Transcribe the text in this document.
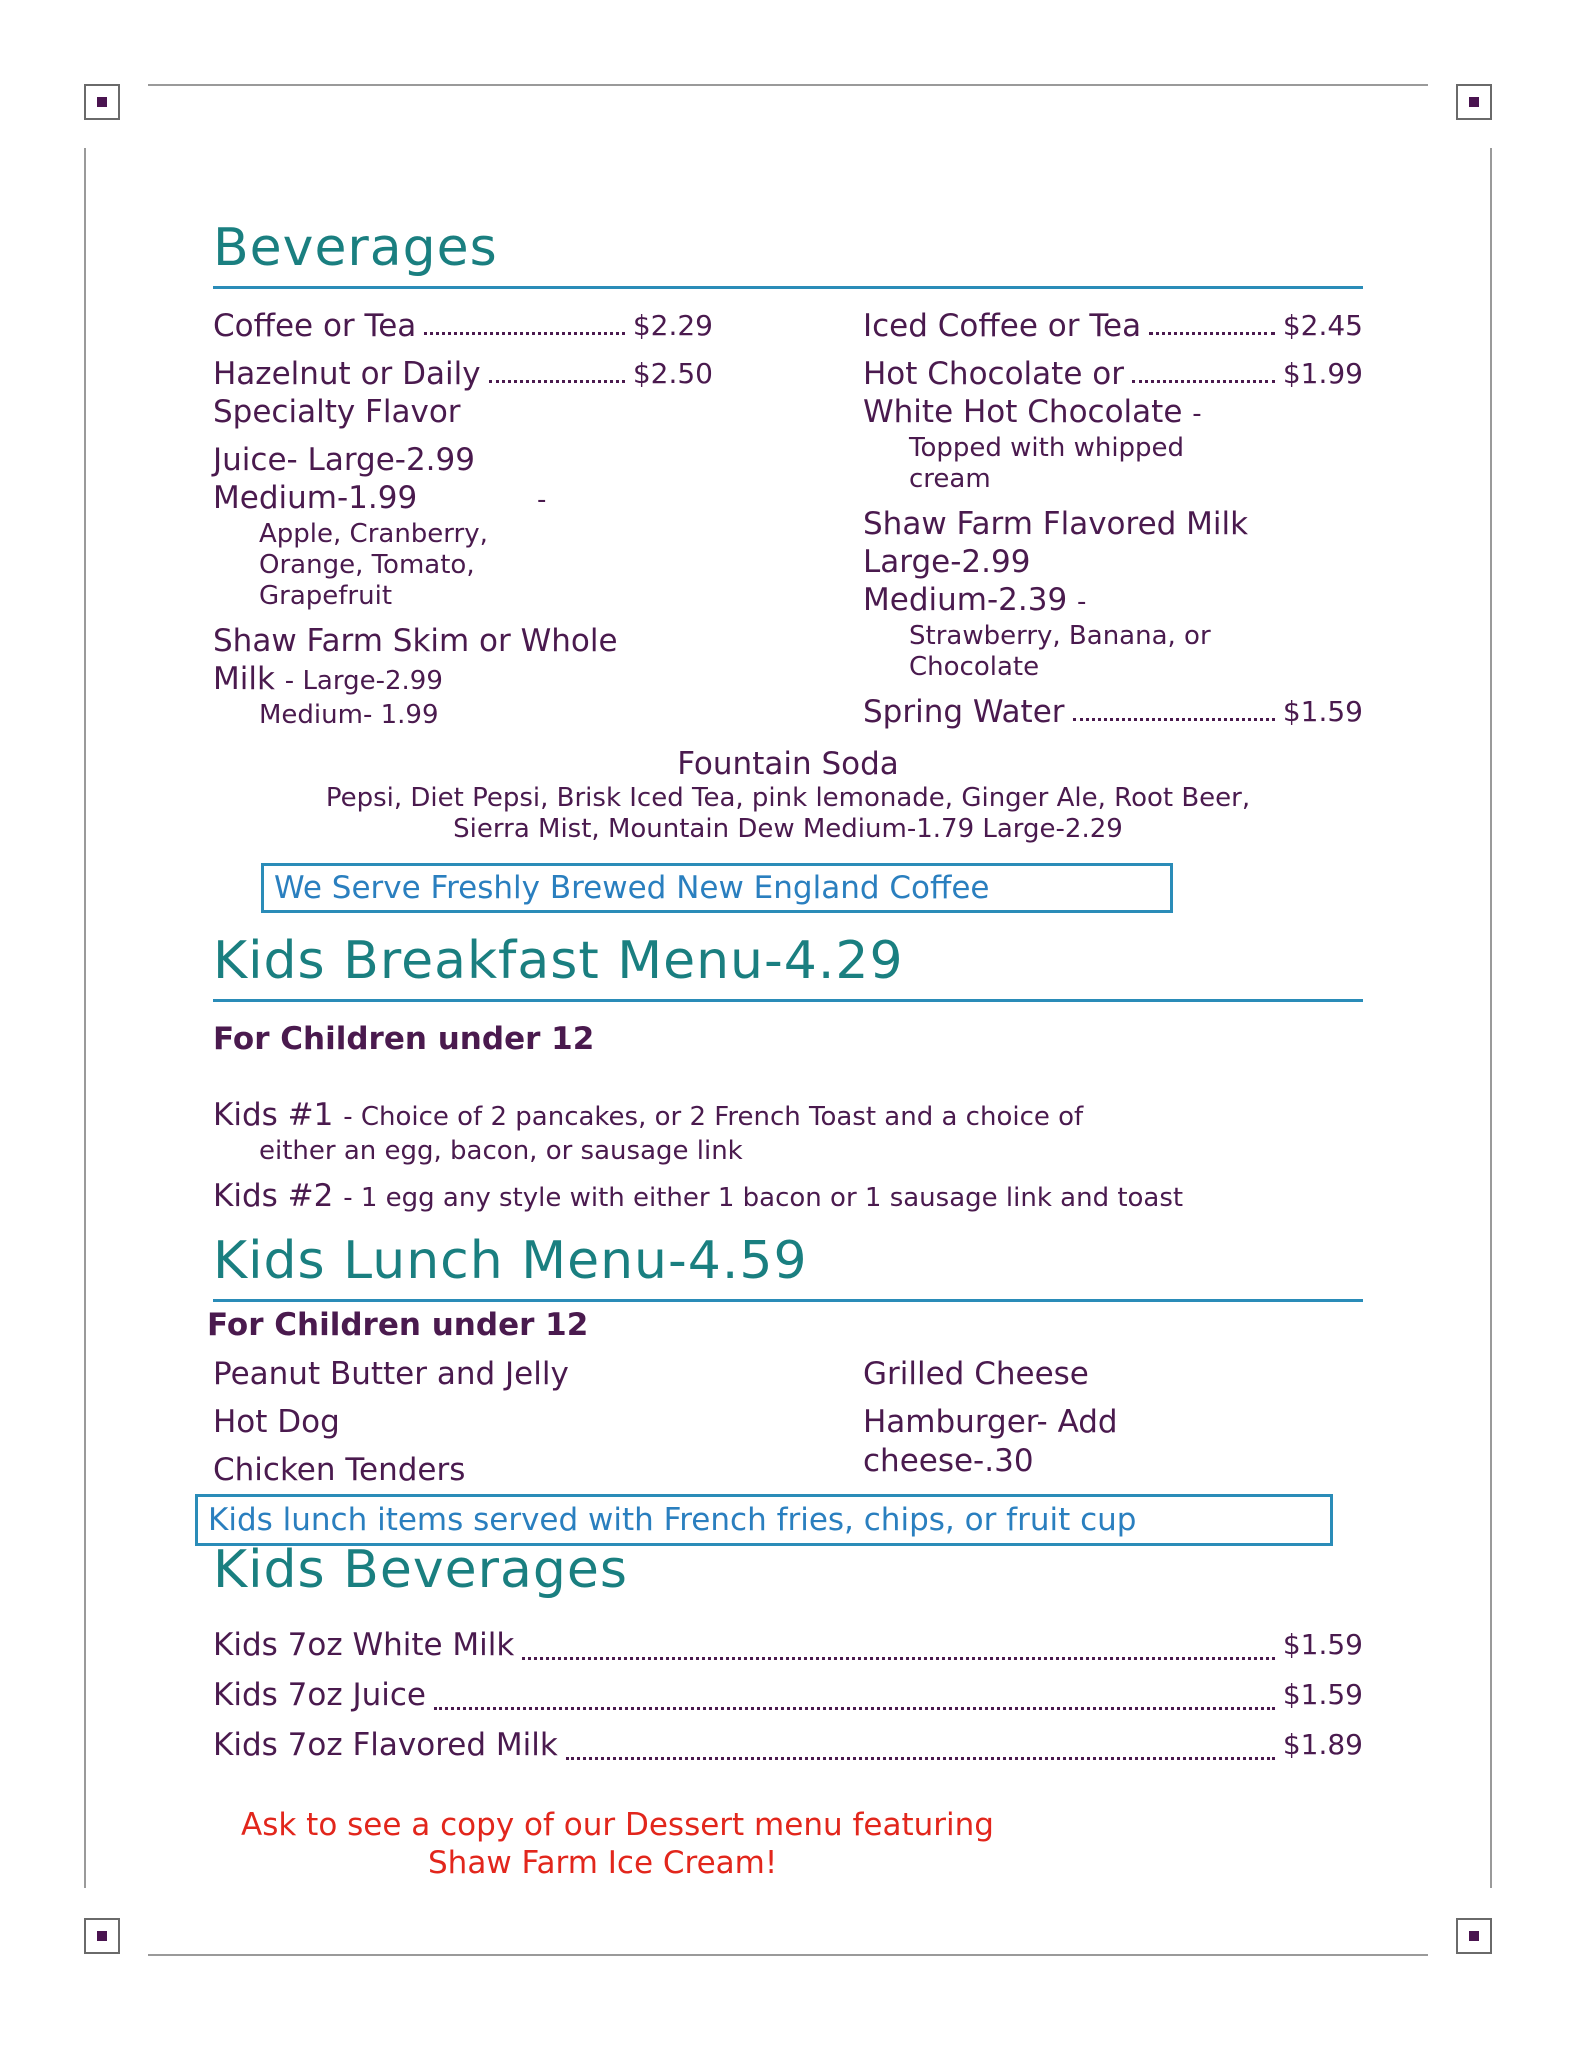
Beverages
Coffee or Tea	$2.29
Hazelnut or Daily	$2.50
Specialty Flavor
Juice- Large-2.99
Medium-1.99	-
Apple, Cranberry,
Orange, Tomato,
Grapefruit
Shaw Farm Skim or Whole
Milk - Large-2.99
Medium- 1.99
Iced Coffee or Tea	$2.45
Hot Chocolate or	$1.99
White Hot Chocolate -
Topped with whipped
cream
Shaw Farm Flavored Milk
Large-2.99
Medium-2.39 -
Strawberry, Banana, or
Chocolate
Spring Water	$1.59
Fountain Soda
Pepsi, Diet Pepsi, Brisk Iced Tea, pink lemonade, Ginger Ale, Root Beer,
Sierra Mist, Mountain Dew Medium-1.79 Large-2.29
We Serve Freshly Brewed New England Coffee
Kids Breakfast Menu-4.29
For Children under 12
Kids #1 - Choice of 2 pancakes, or 2 French Toast and a choice of
either an egg, bacon, or sausage link
Kids #2 - 1 egg any style with either 1 bacon or 1 sausage link and toast
Kids Lunch Menu-4.59
For Children under 12
Peanut Butter and Jelly
Hot Dog
Chicken Tenders
Grilled Cheese
Hamburger- Add
cheese-.30
Kids lunch items served with French fries, chips, or fruit cup
Kids Beverages
Kids 7oz White Milk	$1.59
Kids 7oz Juice	$1.59
Kids 7oz Flavored Milk	$1.89
Ask to see a copy of our Dessert menu featuring
Shaw Farm Ice Cream!
